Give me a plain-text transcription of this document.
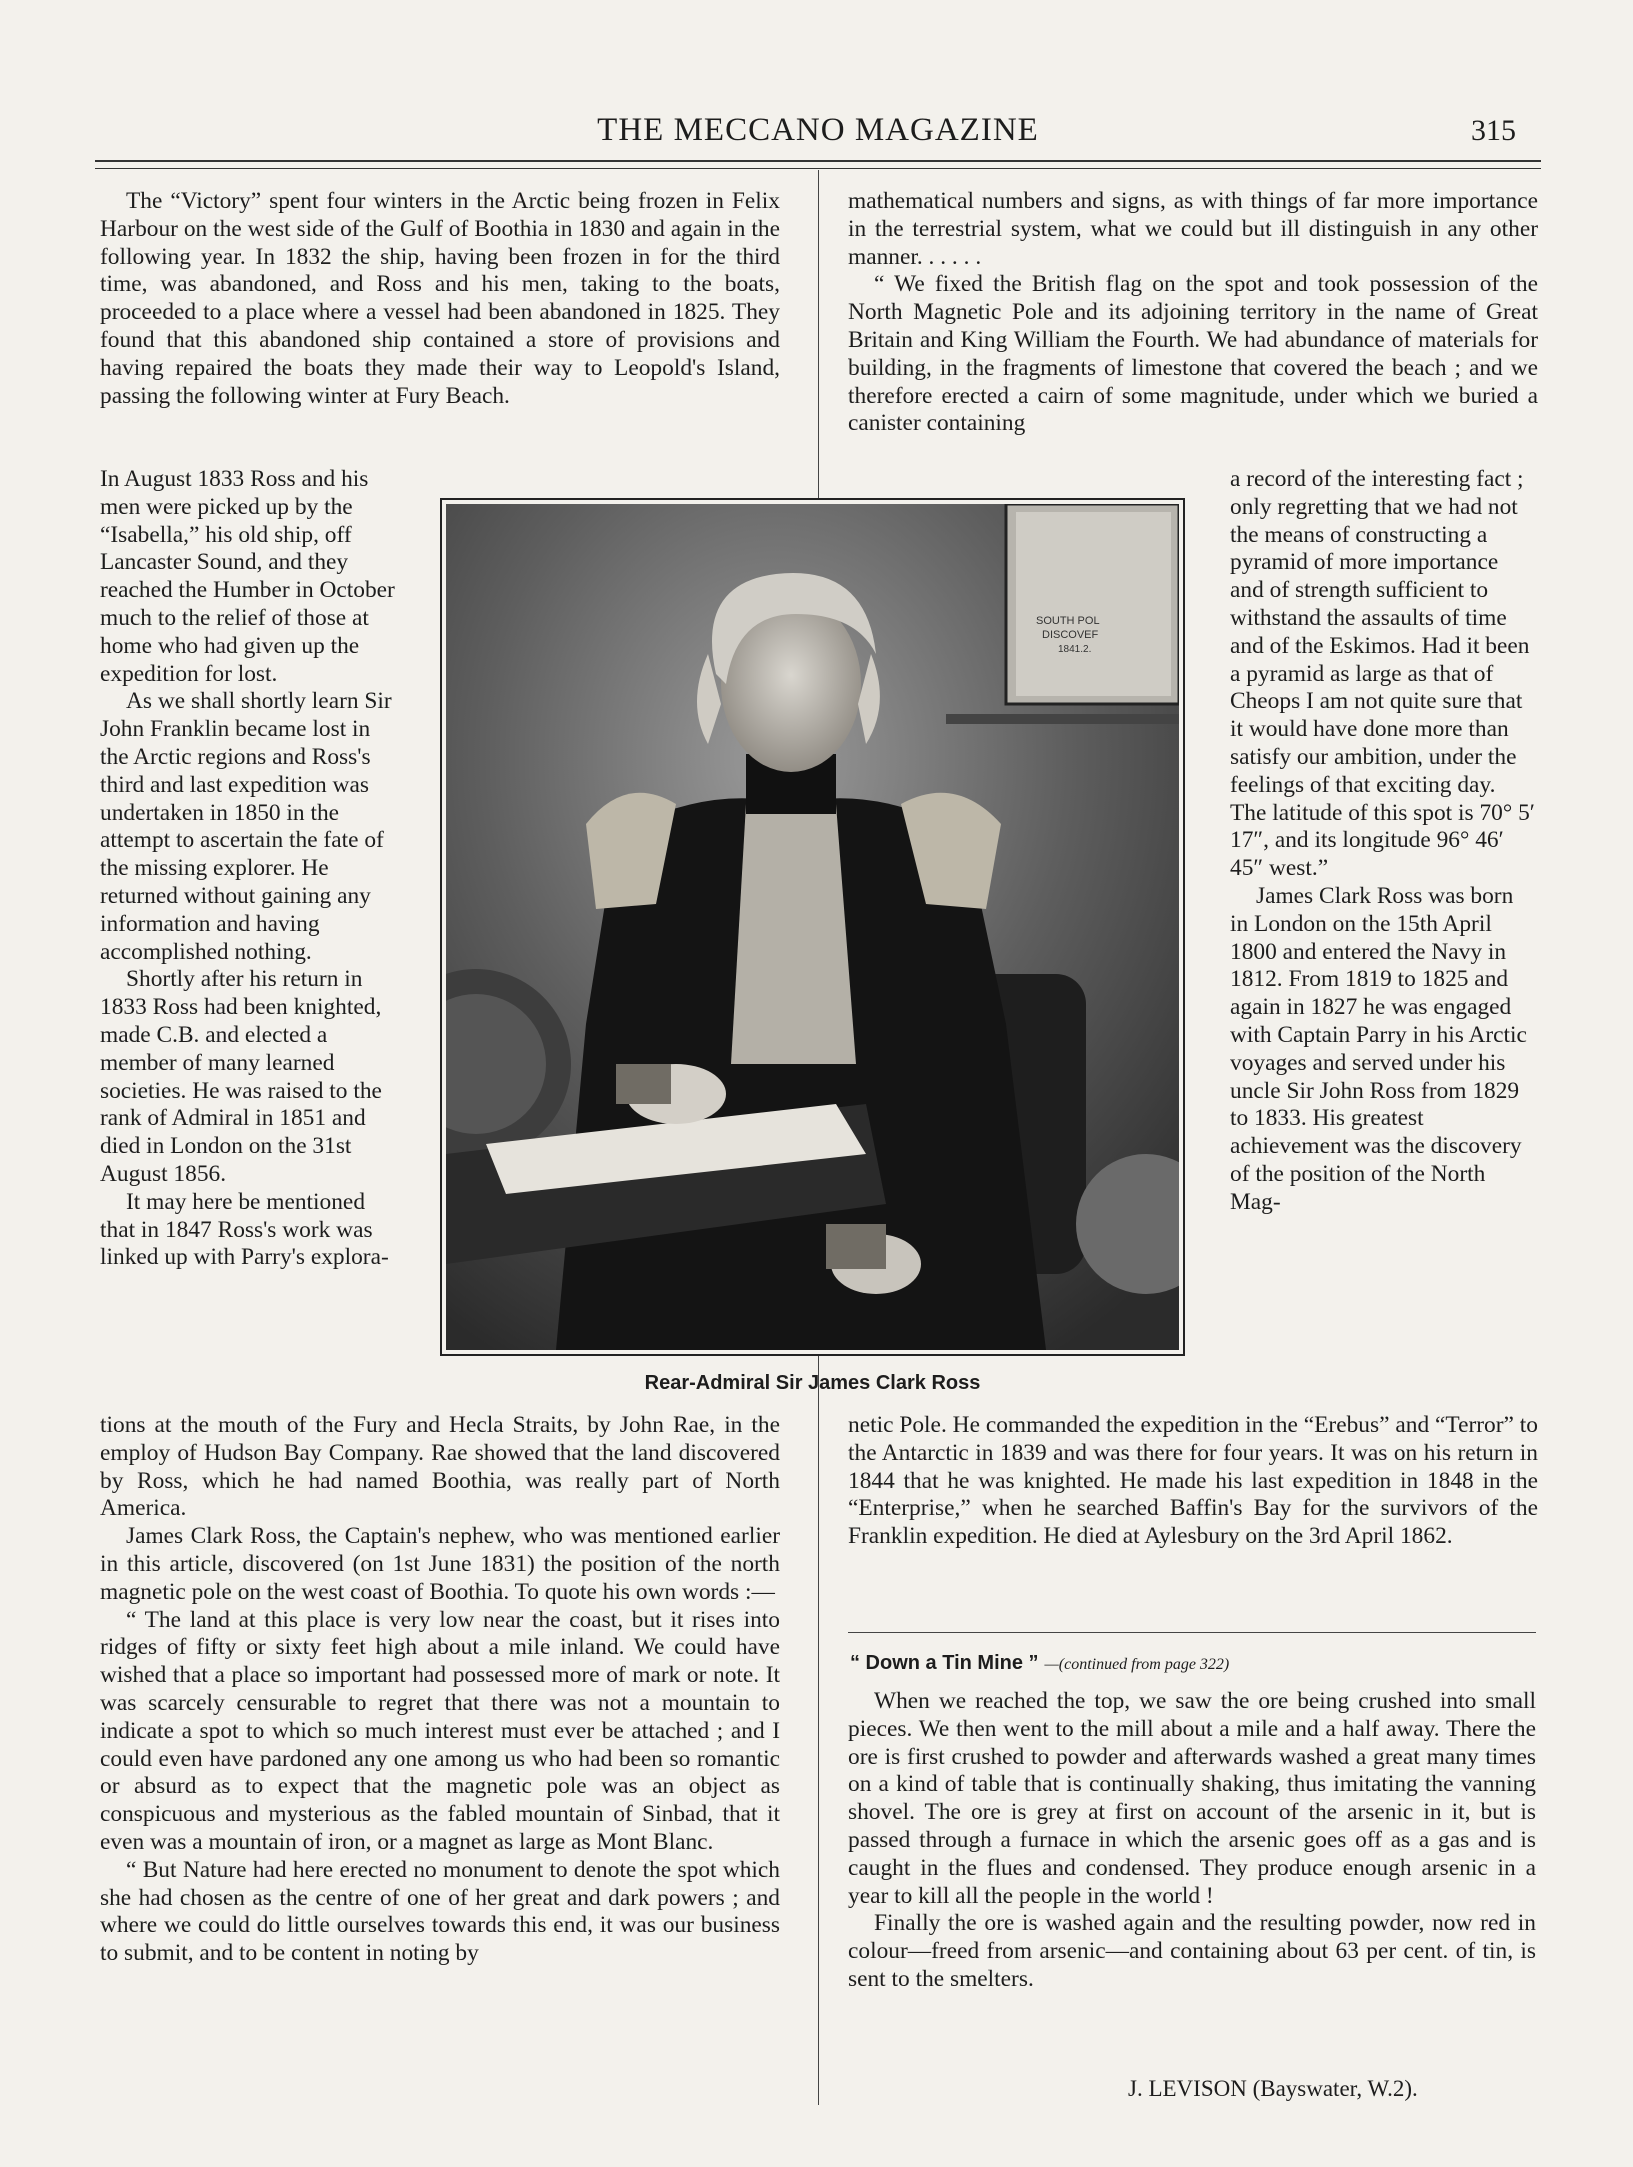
THE MECCANO MAGAZINE	315

The “Victory” spent four winters in the Arctic being frozen in Felix Harbour on the west side of the Gulf of Boothia in 1830 and again in the following year. In 1832 the ship, having been frozen in for the third time, was abandoned, and Ross and his men, taking to the boats, proceeded to a place where a vessel had been abandoned in 1825. They found that this abandoned ship contained a store of provisions and having repaired the boats they made their way to Leopold's Island, passing the following winter at Fury Beach.

In August 1833 Ross and his men were picked up by the “Isabella,” his old ship, off Lancaster Sound, and they reached the Humber in October much to the relief of those at home who had given up the expedition for lost.

As we shall shortly learn Sir John Franklin became lost in the Arctic regions and Ross's third and last expedition was undertaken in 1850 in the attempt to ascertain the fate of the missing explorer. He returned without gaining any information and having accomplished nothing.

Shortly after his return in 1833 Ross had been knighted, made C.B. and elected a member of many learned societies. He was raised to the rank of Admiral in 1851 and died in London on the 31st August 1856.

It may here be mentioned that in 1847 Ross's work was linked up with Parry's explora-

tions at the mouth of the Fury and Hecla Straits, by John Rae, in the employ of Hudson Bay Company. Rae showed that the land discovered by Ross, which he had named Boothia, was really part of North America.

James Clark Ross, the Captain's nephew, who was mentioned earlier in this article, discovered (on 1st June 1831) the position of the north magnetic pole on the west coast of Boothia. To quote his own words :—

“ The land at this place is very low near the coast, but it rises into ridges of fifty or sixty feet high about a mile inland. We could have wished that a place so important had possessed more of mark or note. It was scarcely censurable to regret that there was not a mountain to indicate a spot to which so much interest must ever be attached ; and I could even have pardoned any one among us who had been so romantic or absurd as to expect that the magnetic pole was an object as conspicuous and mysterious as the fabled mountain of Sinbad, that it even was a mountain of iron, or a magnet as large as Mont Blanc.

“ But Nature had here erected no monument to denote the spot which she had chosen as the centre of one of her great and dark powers ; and where we could do little ourselves towards this end, it was our business to submit, and to be content in noting by

SOUTH POL
DISCOVEF
1841.2.
Rear-Admiral Sir James Clark Ross

mathematical numbers and signs, as with things of far more importance in the terrestrial system, what we could but ill distinguish in any other manner. . . . . .

“ We fixed the British flag on the spot and took possession of the North Magnetic Pole and its adjoining territory in the name of Great Britain and King William the Fourth. We had abundance of materials for building, in the fragments of limestone that covered the beach ; and we therefore erected a cairn of some magnitude, under which we buried a canister containing

a record of the interesting fact ; only regretting that we had not the means of constructing a pyramid of more importance and of strength sufficient to withstand the assaults of time and of the Eskimos. Had it been a pyramid as large as that of Cheops I am not quite sure that it would have done more than satisfy our ambition, under the feelings of that exciting day. The latitude of this spot is 70° 5′ 17″, and its longitude 96° 46′ 45″ west.”

James Clark Ross was born in London on the 15th April 1800 and entered the Navy in 1812. From 1819 to 1825 and again in 1827 he was engaged with Captain Parry in his Arctic voyages and served under his uncle Sir John Ross from 1829 to 1833. His greatest achievement was the discovery of the position of the North Mag-

netic Pole. He commanded the expedition in the “Erebus” and “Terror” to the Antarctic in 1839 and was there for four years. It was on his return in 1844 that he was knighted. He made his last expedition in 1848 in the “Enterprise,” when he searched Baffin's Bay for the survivors of the Franklin expedition. He died at Aylesbury on the 3rd April 1862.

“ Down a Tin Mine ” —(continued from page 322)

When we reached the top, we saw the ore being crushed into small pieces. We then went to the mill about a mile and a half away. There the ore is first crushed to powder and afterwards washed a great many times on a kind of table that is continually shaking, thus imitating the vanning shovel. The ore is grey at first on account of the arsenic in it, but is passed through a furnace in which the arsenic goes off as a gas and is caught in the flues and condensed. They produce enough arsenic in a year to kill all the people in the world !

Finally the ore is washed again and the resulting powder, now red in colour—freed from arsenic—and containing about 63 per cent. of tin, is sent to the smelters.

J. LEVISON (Bayswater, W.2).
